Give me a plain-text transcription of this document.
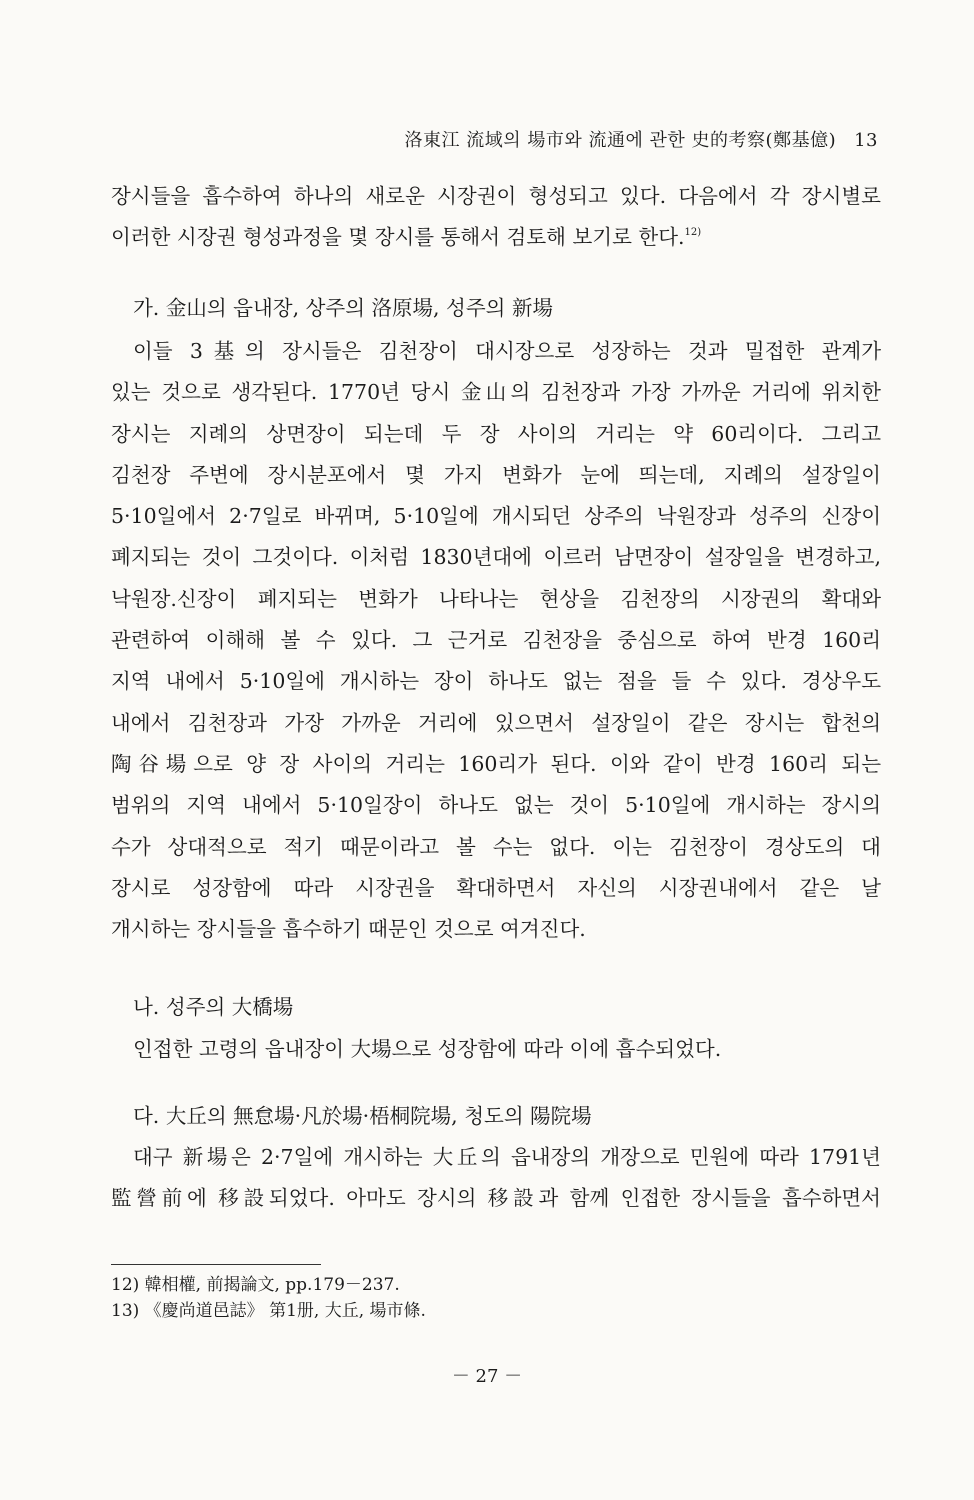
洛東江 流域의 場市와 流通에 관한 史的考察(鄭基億) 13
장시들을 흡수하여 하나의 새로운 시장권이 형성되고 있다. 다음에서 각 장시별로
이러한 시장권 형성과정을 몇 장시를 통해서 검토해 보기로 한다.$^{12)}$
가. 金山의 읍내장, 상주의 洛原場, 성주의 新場
이들 3基의 장시들은 김천장이 대시장으로 성장하는 것과 밀접한 관계가
있는 것으로 생각된다. 1770년 당시 金山의 김천장과 가장 가까운 거리에 위치한
장시는 지례의 상면장이 되는데 두 장 사이의 거리는 약 60리이다. 그리고
김천장 주변에 장시분포에서 몇 가지 변화가 눈에 띄는데, 지례의 설장일이
5·10일에서 2·7일로 바뀌며, 5·10일에 개시되던 상주의 낙원장과 성주의 신장이
폐지되는 것이 그것이다. 이처럼 1830년대에 이르러 남면장이 설장일을 변경하고,
낙원장.신장이 폐지되는 변화가 나타나는 현상을 김천장의 시장권의 확대와
관련하여 이해해 볼 수 있다. 그 근거로 김천장을 중심으로 하여 반경 160리
지역 내에서 5·10일에 개시하는 장이 하나도 없는 점을 들 수 있다. 경상우도
내에서 김천장과 가장 가까운 거리에 있으면서 설장일이 같은 장시는 합천의
陶谷場으로 양 장 사이의 거리는 160리가 된다. 이와 같이 반경 160리 되는
범위의 지역 내에서 5·10일장이 하나도 없는 것이 5·10일에 개시하는 장시의
수가 상대적으로 적기 때문이라고 볼 수는 없다. 이는 김천장이 경상도의 대
장시로 성장함에 따라 시장권을 확대하면서 자신의 시장권내에서 같은 날
개시하는 장시들을 흡수하기 때문인 것으로 여겨진다.
나. 성주의 大橋場
인접한 고령의 읍내장이 大場으로 성장함에 따라 이에 흡수되었다.
다. 大丘의 無怠場·凡於場·梧桐院場, 청도의 陽院場
대구 新場은 2·7일에 개시하는 大丘의 읍내장의 개장으로 민원에 따라 1791년
監營前에 移設되었다. 아마도 장시의 移設과 함께 인접한 장시들을 흡수하면서
12) 韓相權, 前揭論文, pp.179－237.
13) 《慶尚道邑誌》 第1册, 大丘, 場市條.
－ 27 －
